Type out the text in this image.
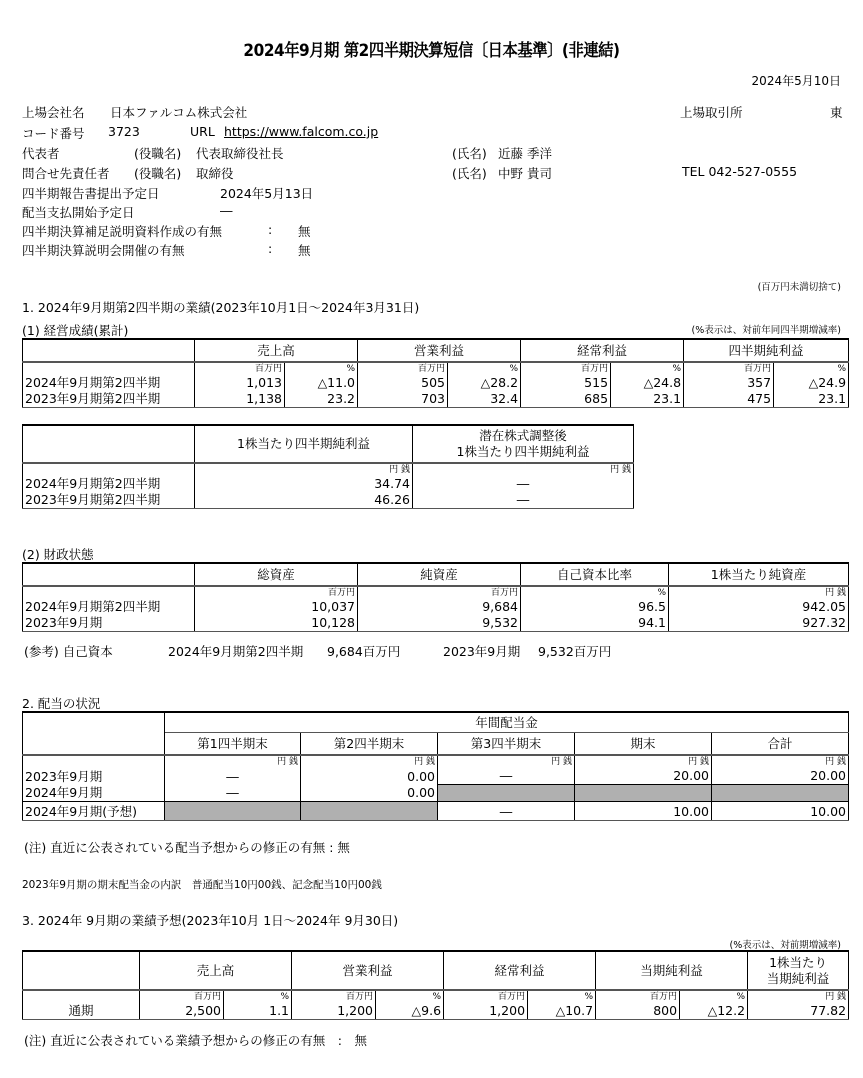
2024年9月期 第2四半期決算短信〔日本基準〕(非連結)
2024年5月10日
上場会社名 日本ファルコム株式会社	上場取引所	東
コード番号 3723	URL https://www.falcom.co.jp
代表者	(役職名) 代表取締役社長	(氏名) 近藤 季洋
問合せ先責任者 (役職名) 取締役	(氏名) 中野 貴司	TEL 042-527-0555
四半期報告書提出予定日	2024年5月13日
配当支払開始予定日	―
四半期決算補足説明資料作成の有無	: 無
四半期決算説明会開催の有無	: 無
(百万円未満切捨て)
1. 2024年9月期第2四半期の業績(2023年10月1日～2024年3月31日)
(1) 経営成績(累計)	(%表示は、対前年同四半期増減率)
	売上高		営業利益		経常利益		四半期純利益	
	百万円	%	百万円	%	百万円	%	百万円	%
2024年9月期第2四半期	1,013	△11.0	505	△28.2	515	△24.8	357	△24.9
2023年9月期第2四半期	1,138	23.2	703	32.4	685	23.1	475	23.1
	1株当たり四半期純利益	潜在株式調整後
1株当たり四半期純利益

	円 銭	円 銭
2024年9月期第2四半期	34.74	―
2023年9月期第2四半期	46.26	―
(2) 財政状態
	総資産	純資産	自己資本比率	1株当たり純資産
	百万円	百万円	%	円 銭
2024年9月期第2四半期	10,037	9,684	96.5	942.05
2023年9月期	10,128	9,532	94.1	927.32
(参考) 自己資本	2024年9月期第2四半期 9,684百万円	2023年9月期 9,532百万円
2. 配当の状況
	年間配当金				
	第1四半期末	第2四半期末	第3四半期末	期末	合計
	円 銭	円 銭	円 銭	円 銭	円 銭
2023年9月期	―	0.00	―	20.00	20.00
2024年9月期	―	0.00			
2024年9月期(予想)			―	10.00	10.00
(注) 直近に公表されている配当予想からの修正の有無 : 無
2023年9月期の期末配当金の内訳　普通配当10円00銭、記念配当10円00銭
3. 2024年 9月期の業績予想(2023年10月 1日～2024年 9月30日)
(%表示は、対前期増減率)
	売上高		営業利益		経常利益		当期純利益		1株当たり
当期純利益

	百万円	%	百万円	%	百万円	%	百万円	%	円 銭
通期	2,500	1.1	1,200	△9.6	1,200	△10.7	800	△12.2	77.82
(注) 直近に公表されている業績予想からの修正の有無　:　無
